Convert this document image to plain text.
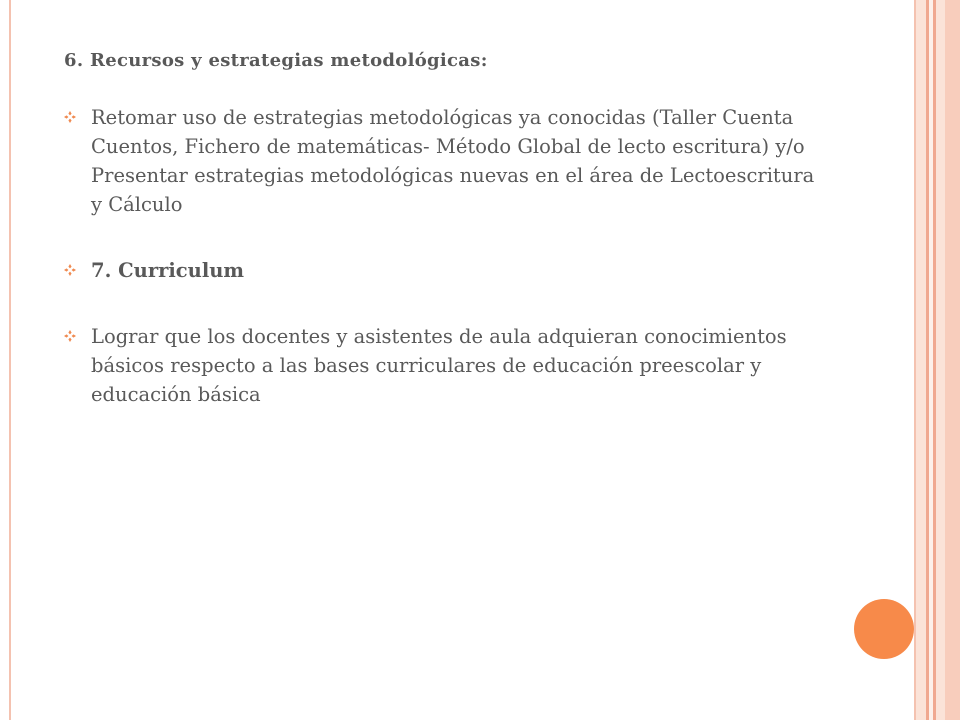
6. Recursos y estrategias metodológicas:
Retomar uso de estrategias metodológicas ya conocidas (Taller Cuenta Cuentos, Fichero de matemáticas- Método Global de lecto escritura) y/o Presentar estrategias metodológicas nuevas en el área de Lectoescritura y Cálculo
7. Curriculum
Lograr que los docentes y asistentes de aula adquieran conocimientos básicos respecto a las bases curriculares de educación preescolar y educación básica
